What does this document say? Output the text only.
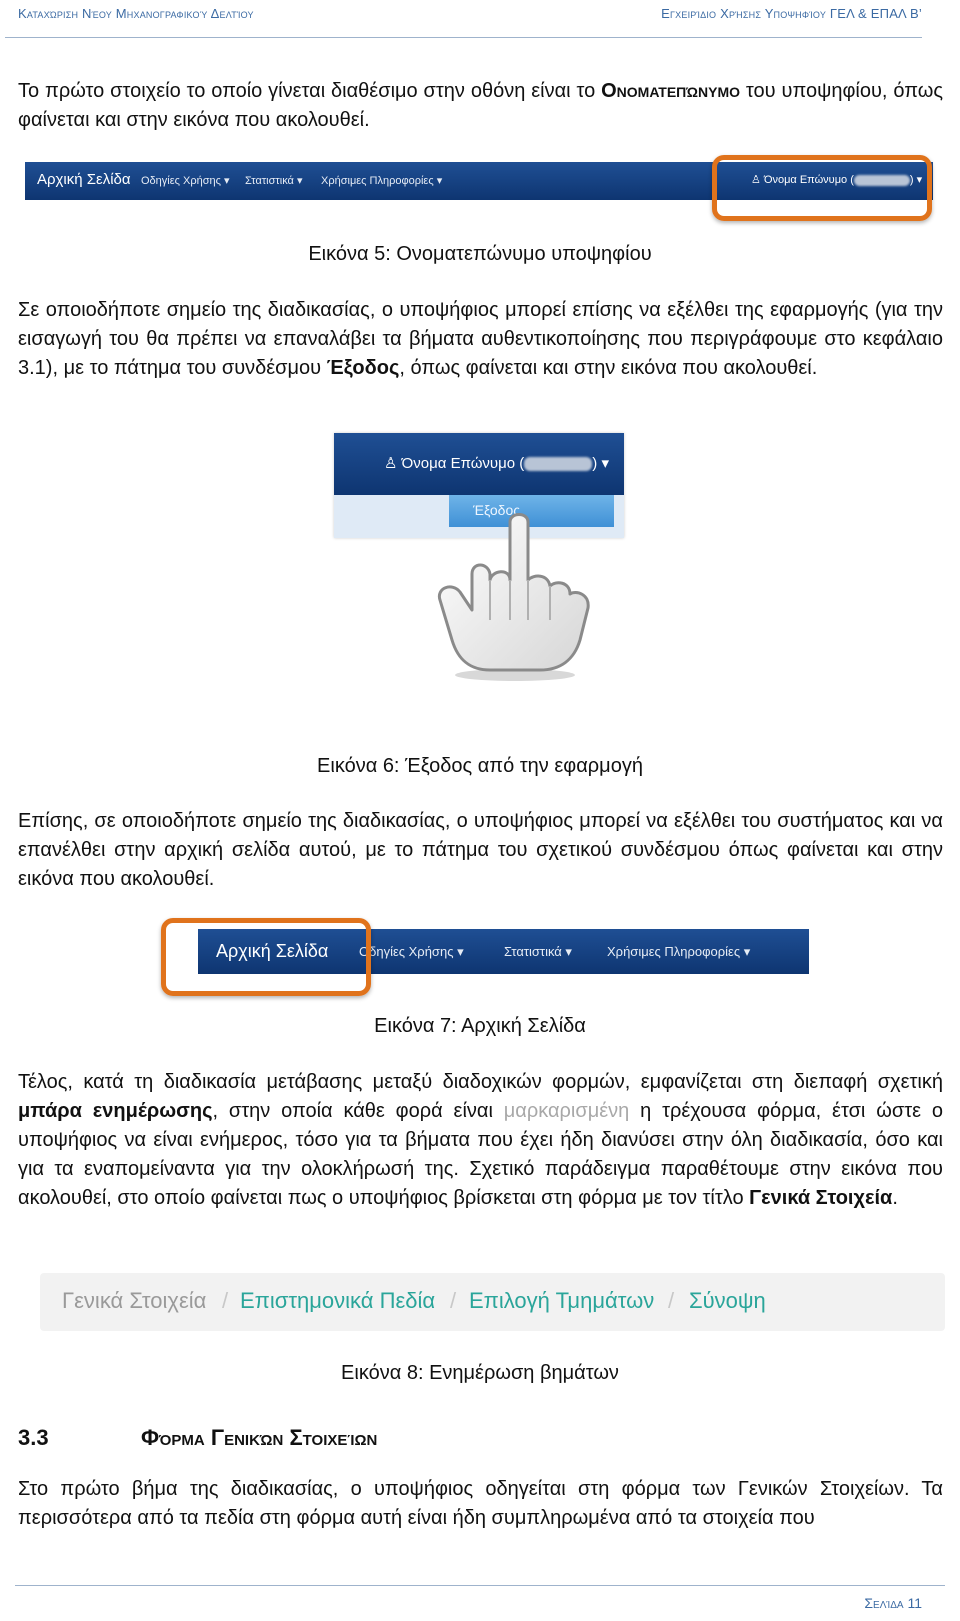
Καταχώριση Νέου Μηχανογραφικού Δελτίου	Εγχειρίδιο Χρήσης Υποψηφίου ΓΕΛ & ΕΠΑΛ Β’
Το πρώτο στοιχείο το οποίο γίνεται διαθέσιμο στην οθόνη είναι το Ονοματεπώνυμο του υποψηφίου, όπως φαίνεται και στην εικόνα που ακολουθεί.
Αρχική Σελίδα Οδηγίες Χρήσης ▾ Στατιστικά ▾ Χρήσιμες Πληροφορίες ▾	♙ Όνομα Επώνυμο (	) ▾
Εικόνα 5: Ονοματεπώνυμο υποψηφίου
Σε οποιοδήποτε σημείο της διαδικασίας, ο υποψήφιος μπορεί επίσης να εξέλθει της εφαρμογής (για την εισαγωγή του θα πρέπει να επαναλάβει τα βήματα αυθεντικοποίησης που περιγράφουμε στο κεφάλαιο 3.1), με το πάτημα του συνδέσμου Έξοδος, όπως φαίνεται και στην εικόνα που ακολουθεί.
♙ Όνομα Επώνυμο (	) ▾
Έξοδος
Εικόνα 6: Έξοδος από την εφαρμογή
Επίσης, σε οποιοδήποτε σημείο της διαδικασίας, ο υποψήφιος μπορεί να εξέλθει του συστήματος και να επανέλθει στην αρχική σελίδα αυτού, με το πάτημα του σχετικού συνδέσμου όπως φαίνεται και στην εικόνα που ακολουθεί.
Αρχική Σελίδα Οδηγίες Χρήσης ▾	Στατιστικά ▾	Χρήσιμες Πληροφορίες ▾
Εικόνα 7: Αρχική Σελίδα
Τέλος, κατά τη διαδικασία μετάβασης μεταξύ διαδοχικών φορμών, εμφανίζεται στη διεπαφή σχετική μπάρα ενημέρωσης, στην οποία κάθε φορά είναι μαρκαρισμένη η τρέχουσα φόρμα, έτσι ώστε ο υποψήφιος να είναι ενήμερος, τόσο για τα βήματα που έχει ήδη διανύσει στην όλη διαδικασία, όσο και για τα εναπομείναντα για την ολοκλήρωσή της. Σχετικό παράδειγμα παραθέτουμε στην εικόνα που ακολουθεί, στο οποίο φαίνεται πως ο υποψήφιος βρίσκεται στη φόρμα με τον τίτλο Γενικά Στοιχεία.
Γενικά Στοιχεία / Επιστημονικά Πεδία / Επιλογή Τμημάτων / Σύνοψη
Εικόνα 8: Ενημέρωση βημάτων
3.3	Φόρμα Γενικών Στοιχείων
Στο πρώτο βήμα της διαδικασίας, ο υποψήφιος οδηγείται στη φόρμα των Γενικών Στοιχείων. Τα περισσότερα από τα πεδία στη φόρμα αυτή είναι ήδη συμπληρωμένα από τα στοιχεία που
Σελίδα 11
